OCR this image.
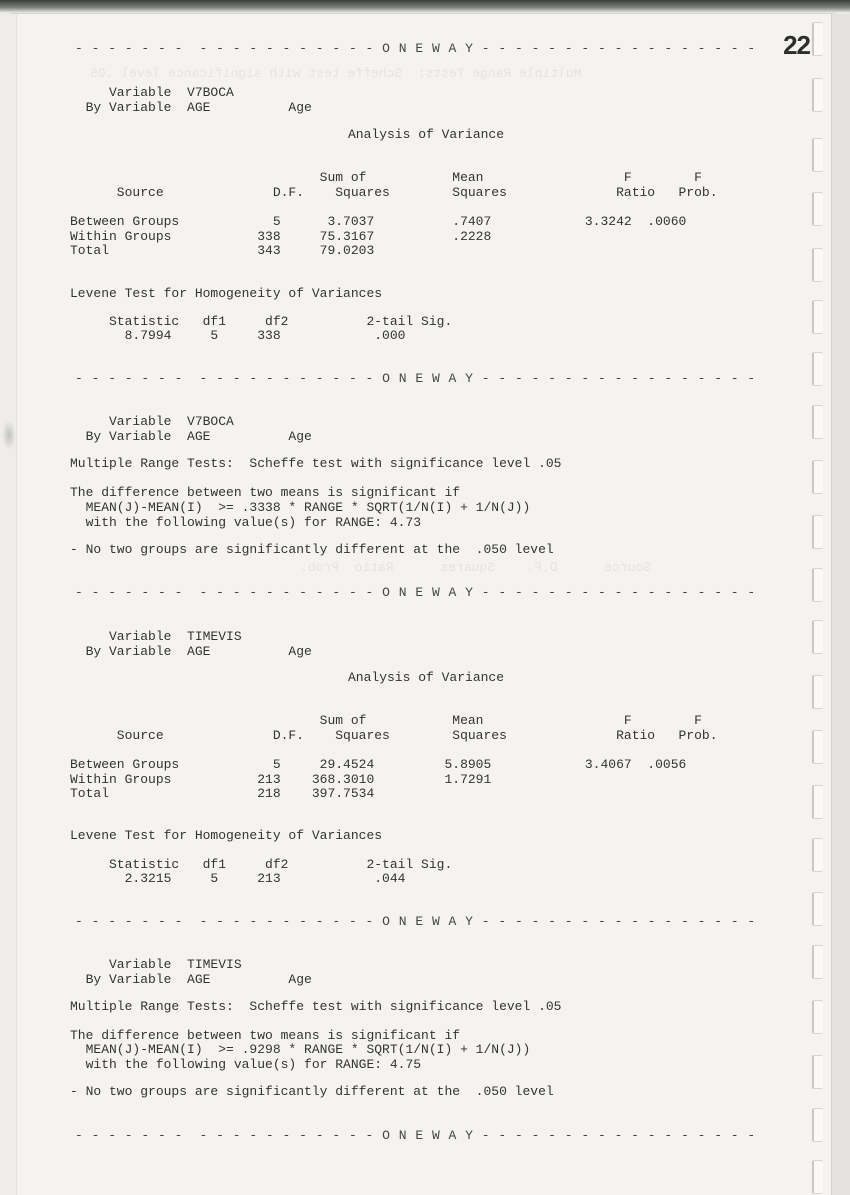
Multiple Range Tests:  Scheffe test with significance level .05
Source      D.F.    Squares      Ratio  Prob.
22

- - - - - - -  - - - - - - - - - - - O N E W A Y - - - - - - - - - - - - - - - - -

Variable  V7BOCA

By Variable  AGE          Age

Analysis of Variance

Sum of           Mean                  F        F

Source              D.F.    Squares        Squares              Ratio   Prob.

Between Groups            5      3.7037          .7407            3.3242  .0060

Within Groups           338     75.3167          .2228

Total                   343     79.0203

Levene Test for Homogeneity of Variances

Statistic   df1     df2          2-tail Sig.

8.7994     5     338            .000

- - - - - - -  - - - - - - - - - - - O N E W A Y - - - - - - - - - - - - - - - - -

Variable  V7BOCA

By Variable  AGE          Age

Multiple Range Tests:  Scheffe test with significance level .05

The difference between two means is significant if

MEAN(J)-MEAN(I)  >= .3338 * RANGE * SQRT(1/N(I) + 1/N(J))

with the following value(s) for RANGE: 4.73

- No two groups are significantly different at the  .050 level

- - - - - - -  - - - - - - - - - - - O N E W A Y - - - - - - - - - - - - - - - - -

Variable  TIMEVIS

By Variable  AGE          Age

Analysis of Variance

Sum of           Mean                  F        F

Source              D.F.    Squares        Squares              Ratio   Prob.

Between Groups            5     29.4524         5.8905            3.4067  .0056

Within Groups           213    368.3010         1.7291

Total                   218    397.7534

Levene Test for Homogeneity of Variances

Statistic   df1     df2          2-tail Sig.

2.3215     5     213            .044

- - - - - - -  - - - - - - - - - - - O N E W A Y - - - - - - - - - - - - - - - - -

Variable  TIMEVIS

By Variable  AGE          Age

Multiple Range Tests:  Scheffe test with significance level .05

The difference between two means is significant if

MEAN(J)-MEAN(I)  >= .9298 * RANGE * SQRT(1/N(I) + 1/N(J))

with the following value(s) for RANGE: 4.75

- No two groups are significantly different at the  .050 level

- - - - - - -  - - - - - - - - - - - O N E W A Y - - - - - - - - - - - - - - - - -
